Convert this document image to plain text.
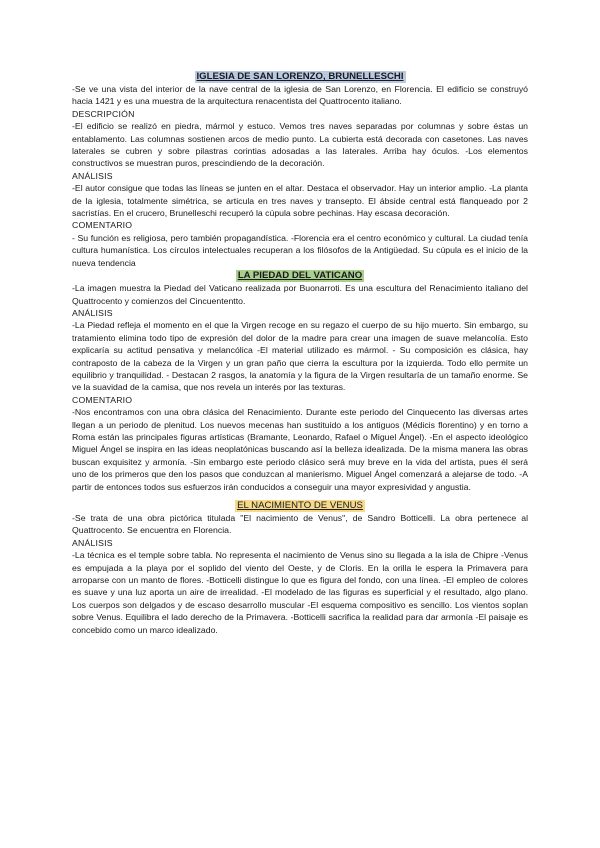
IGLESIA DE SAN LORENZO, BRUNELLESCHI

-Se ve una vista del interior de la nave central de la iglesia de San Lorenzo, en Florencia. El edificio se construyó hacia 1421 y es una muestra de la arquitectura renacentista del Quattrocento italiano.

DESCRIPCIÓN

-El edificio se realizó en piedra, mármol y estuco. Vemos tres naves separadas por columnas y sobre éstas un entablamento. Las columnas sostienen arcos de medio punto. La cubierta está decorada con casetones. Las naves laterales se cubren y sobre pilastras corintias adosadas a las laterales. Arriba hay óculos. -Los elementos constructivos se muestran puros, prescindiendo de la decoración.

ANÁLISIS

-El autor consigue que todas las líneas se junten en el altar. Destaca el observador. Hay un interior amplio. -La planta de la iglesia, totalmente simétrica, se articula en tres naves y transepto. El ábside central está flanqueado por 2 sacristías. En el crucero, Brunelleschi recuperó la cúpula sobre pechinas. Hay escasa decoración.

COMENTARIO

- Su función es religiosa, pero también propagandística. -Florencia era el centro económico y cultural. La ciudad tenía cultura humanística. Los círculos intelectuales recuperan a los filósofos de la Antigüedad. Su cúpula es el inicio de la nueva tendencia

LA PIEDAD DEL VATICANO

-La imagen muestra la Piedad del Vaticano realizada por Buonarroti. Es una escultura del Renacimiento italiano del Quattrocento y comienzos del Cincuententto.

ANÁLISIS

-La Piedad refleja el momento en el que la Virgen recoge en su regazo el cuerpo de su hijo muerto. Sin embargo, su tratamiento elimina todo tipo de expresión del dolor de la madre para crear una imagen de suave melancolía. Esto explicaría su actitud pensativa y melancólica -El material utilizado es mármol. - Su composición es clásica, hay contraposto de la cabeza de la Virgen y un gran paño que cierra la escultura por la izquierda. Todo ello permite un equilibrio y tranquilidad. - Destacan 2 rasgos, la anatomía y la figura de la Virgen resultaría de un tamaño enorme. Se ve la suavidad de la camisa, que nos revela un interés por las texturas.

COMENTARIO

-Nos encontramos con una obra clásica del Renacimiento. Durante este periodo del Cinquecento las diversas artes llegan a un periodo de plenitud. Los nuevos mecenas han sustituido a los antiguos (Médicis florentino) y en torno a Roma están las principales figuras artísticas (Bramante, Leonardo, Rafael o Miguel Ángel). -En el aspecto ideológico Miguel Ángel se inspira en las ideas neoplatónicas buscando así la belleza idealizada. De la misma manera las obras buscan exquisitez y armonía. -Sin embargo este periodo clásico será muy breve en la vida del artista, pues él será uno de los primeros que den los pasos que conduzcan al manierismo. Miguel Ángel comenzará a alejarse de todo. -A partir de entonces todos sus esfuerzos irán conducidos a conseguir una mayor expresividad y angustia.

EL NACIMIENTO DE VENUS

-Se trata de una obra pictórica titulada "El nacimiento de Venus", de Sandro Botticelli. La obra pertenece al Quattrocento. Se encuentra en Florencia.

ANÁLISIS

-La técnica es el temple sobre tabla. No representa el nacimiento de Venus sino su llegada a la isla de Chipre -Venus es empujada a la playa por el soplido del viento del Oeste, y de Cloris. En la orilla le espera la Primavera para arroparse con un manto de flores. -Botticelli distingue lo que es figura del fondo, con una línea. -El empleo de colores es suave y una luz aporta un aire de irrealidad. -El modelado de las figuras es superficial y el resultado, algo plano. Los cuerpos son delgados y de escaso desarrollo muscular -El esquema compositivo es sencillo. Los vientos soplan sobre Venus. Equilibra el lado derecho de la Primavera. -Botticelli sacrifica la realidad para dar armonía -El paisaje es concebido como un marco idealizado.
